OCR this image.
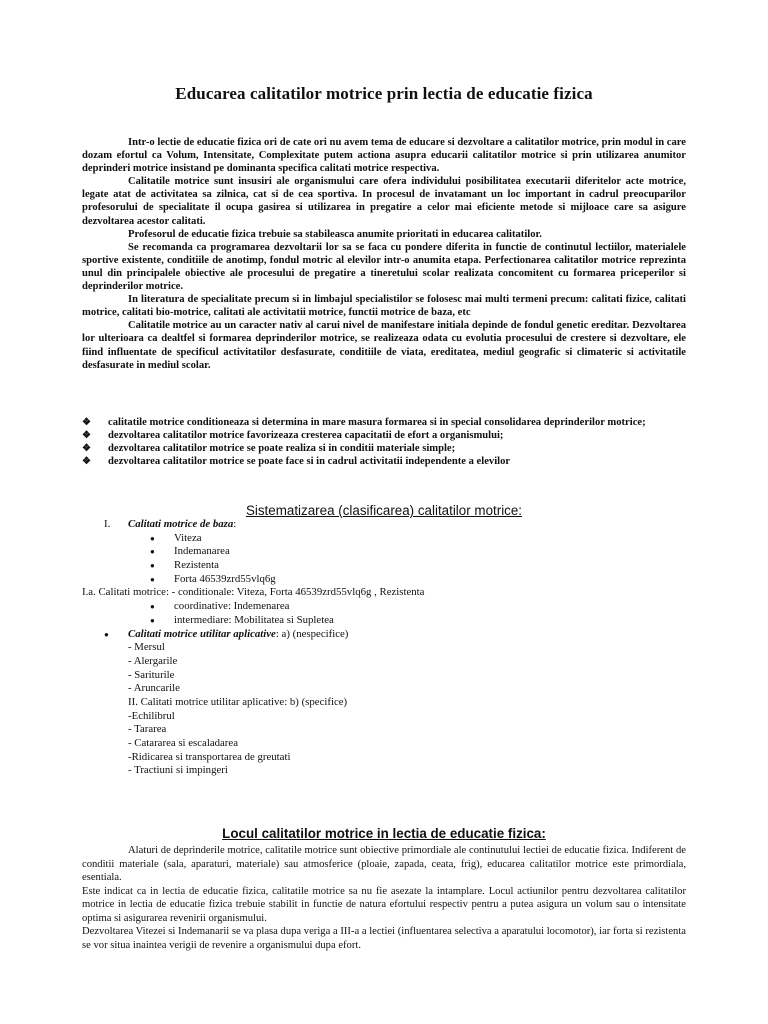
Educarea calitatilor motrice prin lectia de educatie fizica

Intr-o lectie de educatie fizica ori de cate ori nu avem tema de educare si dezvoltare a calitatilor motrice, prin modul in care dozam efortul ca Volum, Intensitate, Complexitate putem actiona asupra educarii calitatilor motrice si prin utilizarea anumitor deprinderi motrice insistand pe dominanta specifica calitati motrice respectiva.

Calitatile motrice sunt insusiri ale organismului care ofera individului posibilitatea executarii diferitelor acte motrice, legate atat de activitatea sa zilnica, cat si de cea sportiva. In procesul de invatamant un loc important in cadrul preocuparilor profesorului de specialitate il ocupa gasirea si utilizarea in pregatire a celor mai eficiente metode si mijloace care sa asigure dezvoltarea acestor calitati.

Profesorul de educatie fizica trebuie sa stabileasca anumite prioritati in educarea calitatilor.

Se recomanda ca programarea dezvoltarii lor sa se faca cu pondere diferita in functie de continutul lectiilor, materialele sportive existente, conditiile de anotimp, fondul motric al elevilor intr-o anumita etapa. Perfectionarea calitatilor motrice reprezinta unul din principalele obiective ale procesului de pregatire a tineretului scolar realizata concomitent cu formarea priceperilor si deprinderilor motrice.

In literatura de specialitate precum si in limbajul specialistilor se folosesc mai multi termeni precum: calitati fizice, calitati motrice, calitati bio-motrice, calitati ale activitatii motrice, functii motrice de baza, etc

Calitatile motrice au un caracter nativ al carui nivel de manifestare initiala depinde de fondul genetic ereditar. Dezvoltarea lor ulterioara ca dealtfel si formarea deprinderilor motrice, se realizeaza odata cu evolutia procesului de crestere si dezvoltare, ele fiind influentate de specificul activitatilor desfasurate, conditiile de viata, ereditatea, mediul geografic si climateric si activitatile desfasurate in mediul scolar.

❖ calitatile motrice conditioneaza si determina in mare masura formarea si in special consolidarea deprinderilor motrice;
❖ dezvoltarea calitatilor motrice favorizeaza cresterea capacitatii de efort a organismului;
❖ dezvoltarea calitatilor motrice se poate realiza si in conditii materiale simple;
❖ dezvoltarea calitatilor motrice se poate face si in cadrul activitatii independente a elevilor
Sistematizarea (clasificarea) calitatilor motrice:
I. Calitati motrice de baza:
● Viteza
● Indemanarea
● Rezistenta
● Forta 46539zrd55vlq6g
I.a. Calitati motrice: - conditionale: Viteza, Forta 46539zrd55vlq6g , Rezistenta
● coordinative: Indemenarea
● intermediare: Mobilitatea si Supletea
● Calitati motrice utilitar aplicative: a) (nespecifice)
- Mersul
- Alergarile
- Sariturile
- Aruncarile
II. Calitati motrice utilitar aplicative: b) (specifice)
-Echilibrul
- Tararea
- Catararea si escaladarea
-Ridicarea si transportarea de greutati
- Tractiuni si impingeri
Locul calitatilor motrice in lectia de educatie fizica:

Alaturi de deprinderile motrice, calitatile motrice sunt obiective primordiale ale continutului lectiei de educatie fizica. Indiferent de conditii materiale (sala, aparaturi, materiale) sau atmosferice (ploaie, zapada, ceata, frig), educarea calitatilor motrice este primordiala, esentiala.

Este indicat ca in lectia de educatie fizica, calitatile motrice sa nu fie asezate la intamplare. Locul actiunilor pentru dezvoltarea calitatilor motrice in lectia de educatie fizica trebuie stabilit in functie de natura efortului respectiv pentru a putea asigura un volum sau o intensitate optima si asigurarea revenirii organismului.

Dezvoltarea Vitezei si Indemanarii se va plasa dupa veriga a III-a a lectiei (influentarea selectiva a aparatului locomotor), iar forta si rezistenta se vor situa inaintea verigii de revenire a organismului dupa efort.
